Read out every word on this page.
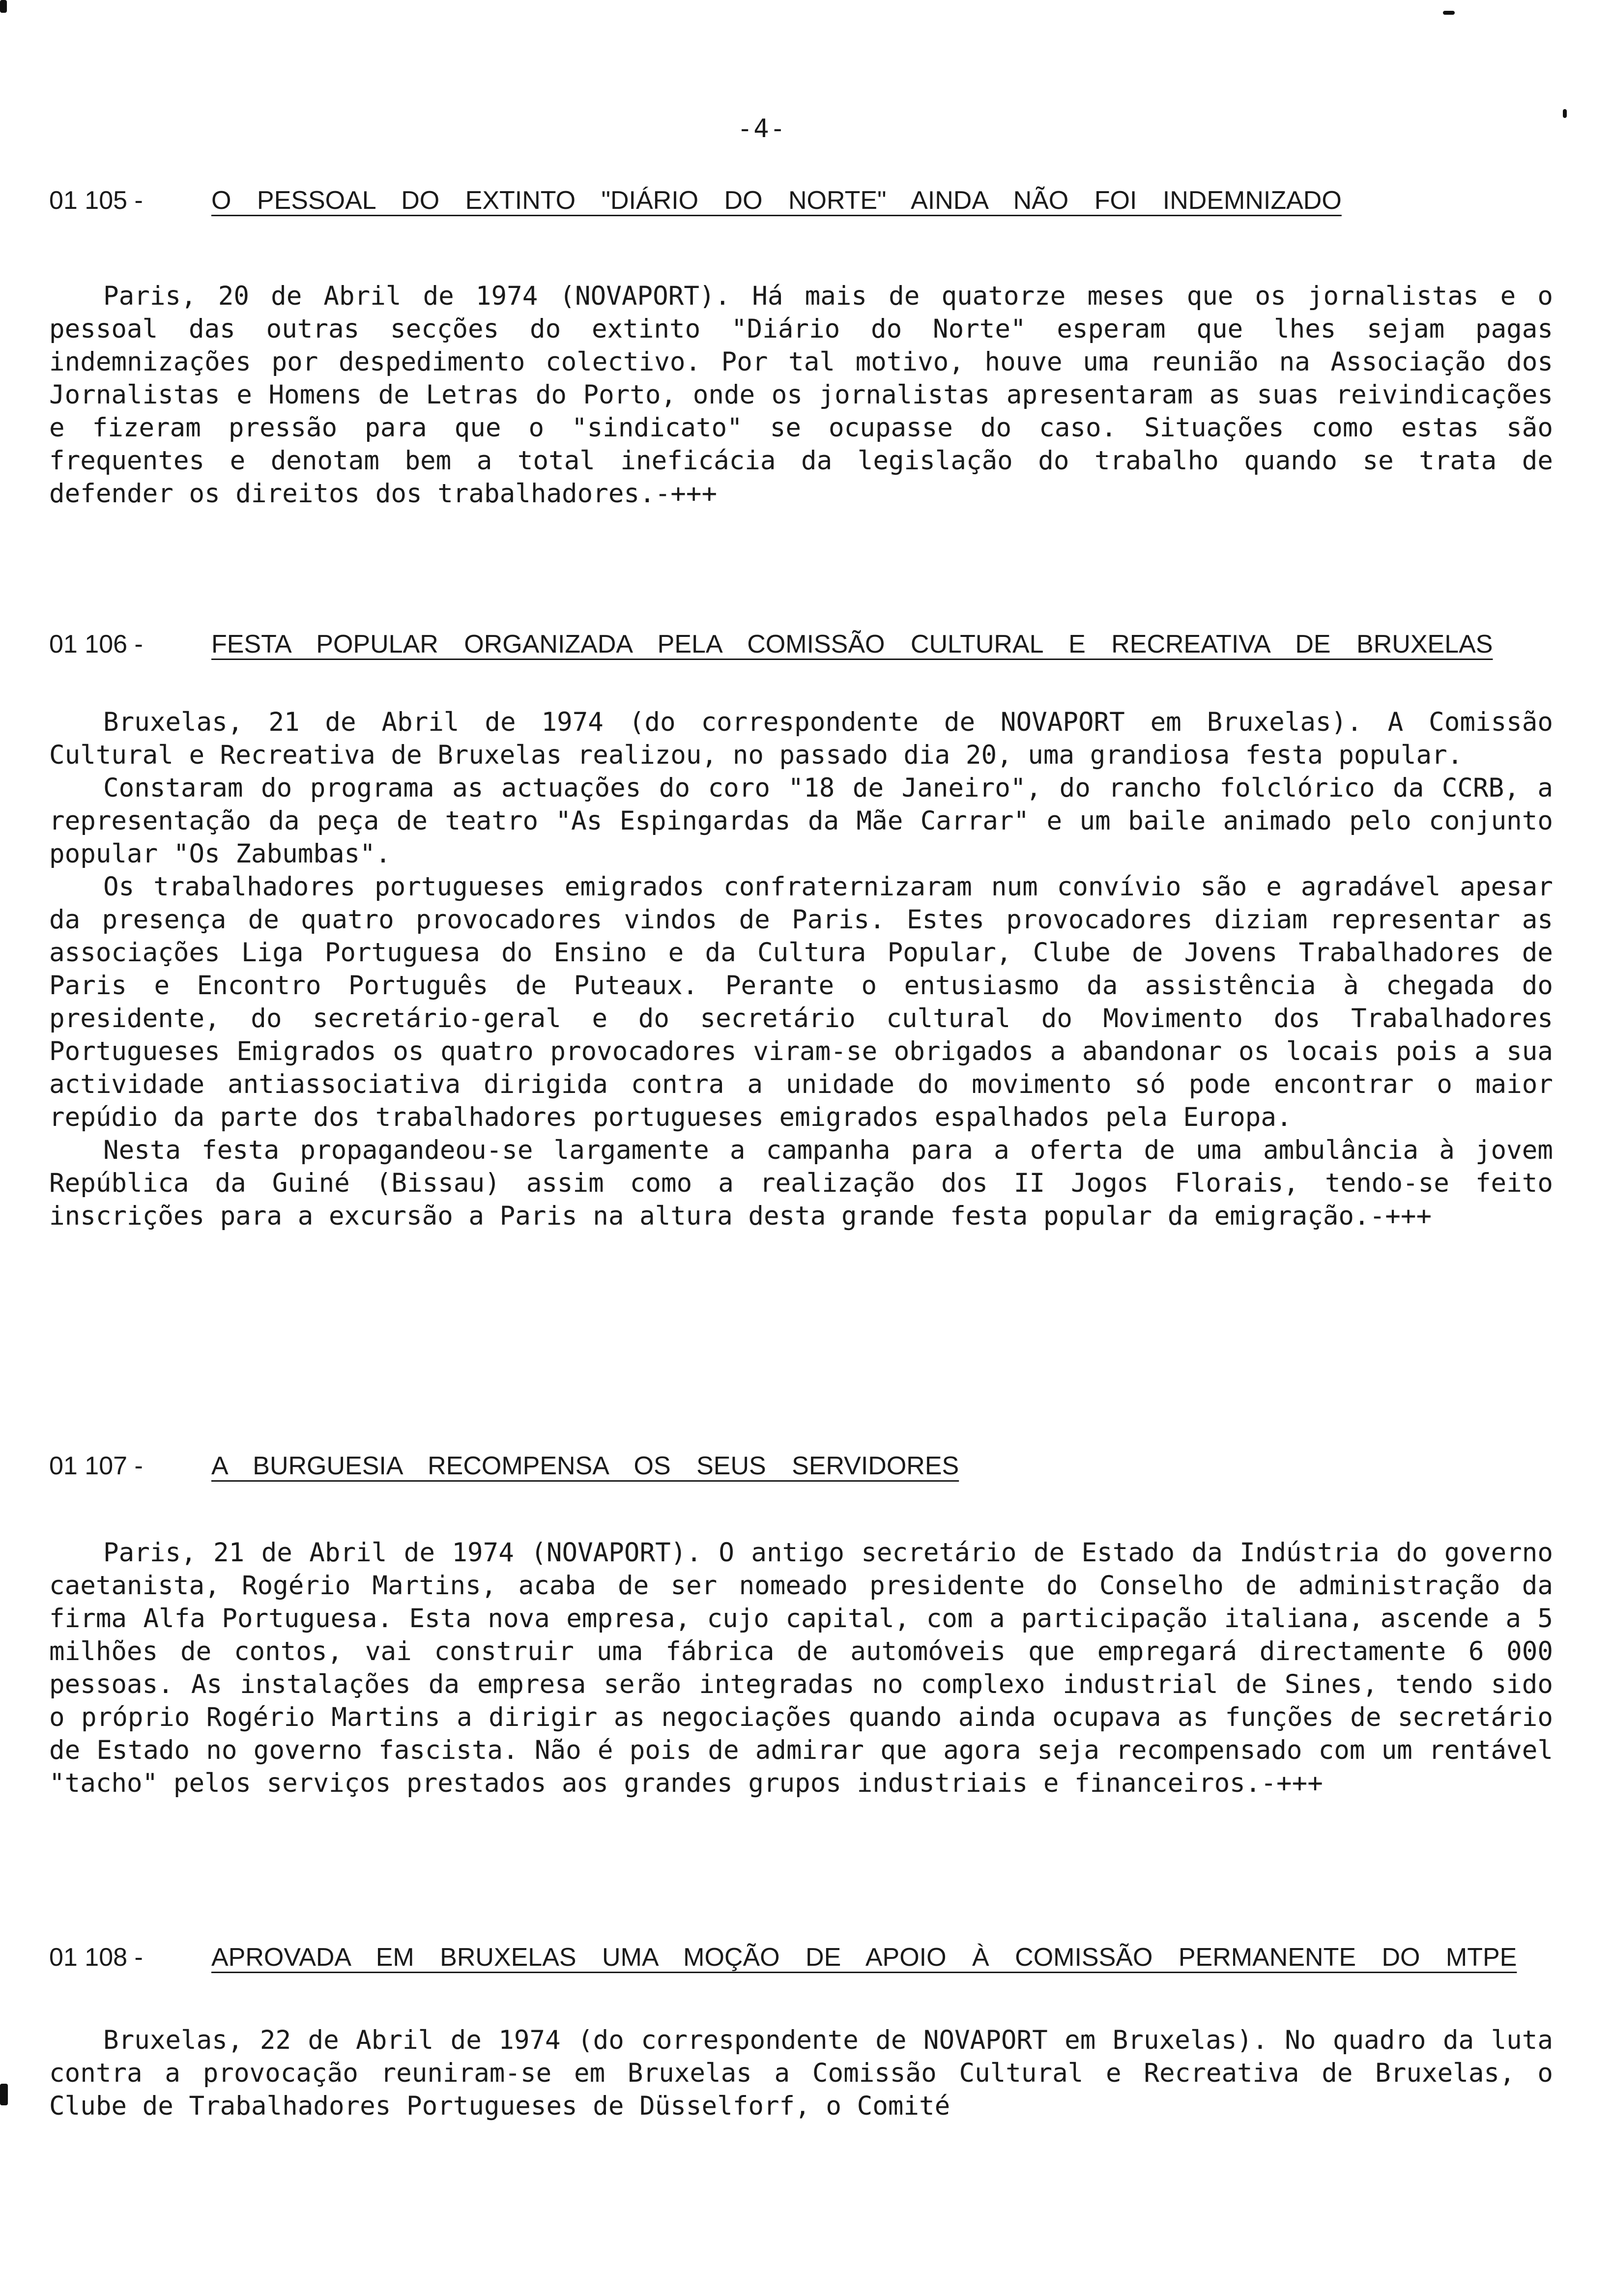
-4-
01 105 -	O PESSOAL DO EXTINTO "DIÁRIO DO NORTE" AINDA NÃO FOI INDEMNIZADO

Paris, 20 de Abril de 1974 (NOVAPORT). Há mais de quatorze meses que os jornalistas e o pessoal das outras secções do extinto "Diário do Norte" esperam que lhes sejam pagas indemnizações por despedimento colectivo. Por tal motivo, houve uma reunião na Associação dos Jornalistas e Homens de Letras do Porto, onde os jornalistas apresentaram as suas reivindicações e fizeram pressão para que o "sindicato" se ocupasse do caso. Situações como estas são frequentes e denotam bem a total ineficácia da legislação do trabalho quando se trata de defender os direitos dos trabalhadores.-+++

01 106 -	FESTA POPULAR ORGANIZADA PELA COMISSÃO CULTURAL E RECREATIVA DE BRUXELAS

Bruxelas, 21 de Abril de 1974 (do correspondente de NOVAPORT em Bruxelas). A Comissão Cultural e Recreativa de Bruxelas realizou, no passado dia 20, uma grandiosa festa popular.

Constaram do programa as actuações do coro "18 de Janeiro", do rancho folclórico da CCRB, a representação da peça de teatro "As Espingardas da Mãe Carrar" e um baile animado pelo conjunto popular "Os Zabumbas".

Os trabalhadores portugueses emigrados confraternizaram num convívio são e agradável apesar da presença de quatro provocadores vindos de Paris. Estes provocadores diziam representar as associações Liga Portuguesa do Ensino e da Cultura Popular, Clube de Jovens Trabalhadores de Paris e Encontro Português de Puteaux. Perante o entusiasmo da assistência à chegada do presidente, do secretário-geral e do secretário cultural do Movimento dos Trabalhadores Portugueses Emigrados os quatro provocadores viram-se obrigados a abandonar os locais pois a sua actividade antiassociativa dirigida contra a unidade do movimento só pode encontrar o maior repúdio da parte dos trabalhadores portugueses emigrados espalhados pela Europa.

Nesta festa propagandeou-se largamente a campanha para a oferta de uma ambulância à jovem República da Guiné (Bissau) assim como a realização dos II Jogos Florais, tendo-se feito inscrições para a excursão a Paris na altura desta grande festa popular da emigração.-+++

01 107 -	A BURGUESIA RECOMPENSA OS SEUS SERVIDORES

Paris, 21 de Abril de 1974 (NOVAPORT). O antigo secretário de Estado da Indústria do governo caetanista, Rogério Martins, acaba de ser nomeado presidente do Conselho de administração da firma Alfa Portuguesa. Esta nova empresa, cujo capital, com a participação italiana, ascende a 5 milhões de contos, vai construir uma fábrica de automóveis que empregará directamente 6 000 pessoas. As instalações da empresa serão integradas no complexo industrial de Sines, tendo sido o próprio Rogério Martins a dirigir as negociações quando ainda ocupava as funções de secretário de Estado no governo fascista. Não é pois de admirar que agora seja recompensado com um rentável "tacho" pelos serviços prestados aos grandes grupos industriais e financeiros.-+++

01 108 -	APROVADA EM BRUXELAS UMA MOÇÃO DE APOIO À COMISSÃO PERMANENTE DO MTPE

Bruxelas, 22 de Abril de 1974 (do correspondente de NOVAPORT em Bruxelas). No quadro da luta contra a provocação reuniram-se em Bruxelas a Comissão Cultural e Recreativa de Bruxelas, o Clube de Trabalhadores Portugueses de Düsselforf, o Comité
